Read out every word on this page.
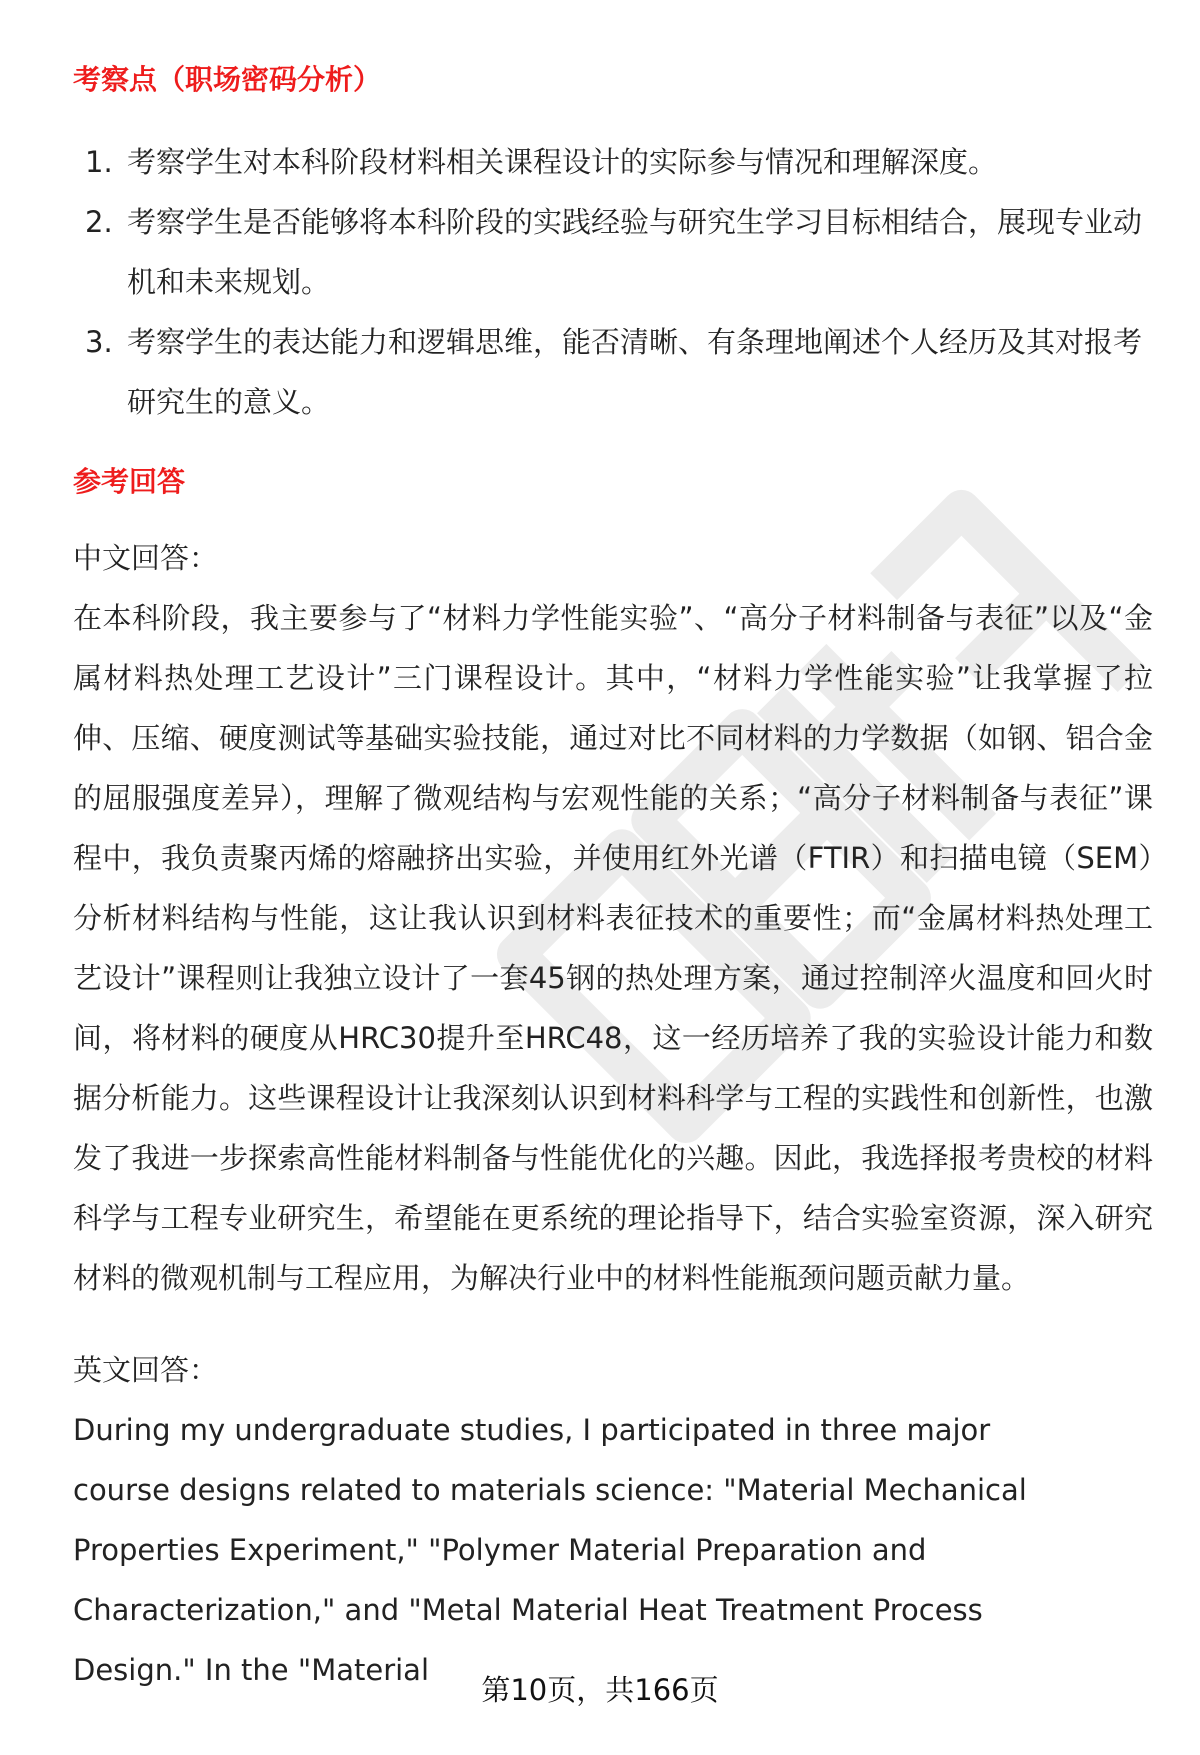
考察点（职场密码分析）
1. 考察学生对本科阶段材料相关课程设计的实际参与情况和理解深度。
2. 考察学生是否能够将本科阶段的实践经验与研究生学习目标相结合，展现专业动机和未来规划。
3. 考察学生的表达能力和逻辑思维，能否清晰、有条理地阐述个人经历及其对报考研究生的意义。
参考回答
中文回答：

在本科阶段，我主要参与了“材料力学性能实验”、“高分子材料制备与表征”以及“金属材料热处理工艺设计”三门课程设计。其中，“材料力学性能实验”让我掌握了拉伸、压缩、硬度测试等基础实验技能，通过对比不同材料的力学数据（如钢、铝合金的屈服强度差异），理解了微观结构与宏观性能的关系；“高分子材料制备与表征”课程中，我负责聚丙烯的熔融挤出实验，并使用红外光谱（FTIR）和扫描电镜（SEM）分析材料结构与性能，这让我认识到材料表征技术的重要性；而“金属材料热处理工艺设计”课程则让我独立设计了一套45钢的热处理方案，通过控制淬火温度和回火时间，将材料的硬度从HRC30提升至HRC48，这一经历培养了我的实验设计能力和数据分析能力。这些课程设计让我深刻认识到材料科学与工程的实践性和创新性，也激发了我进一步探索高性能材料制备与性能优化的兴趣。因此，我选择报考贵校的材料科学与工程专业研究生，希望能在更系统的理论指导下，结合实验室资源，深入研究材料的微观机制与工程应用，为解决行业中的材料性能瓶颈问题贡献力量。

英文回答：

During my undergraduate studies, I participated in three major course designs related to materials science: "Material Mechanical Properties Experiment," "Polymer Material Preparation and Characterization," and "Metal Material Heat Treatment Process Design." In the "Material

第10页，共166页
